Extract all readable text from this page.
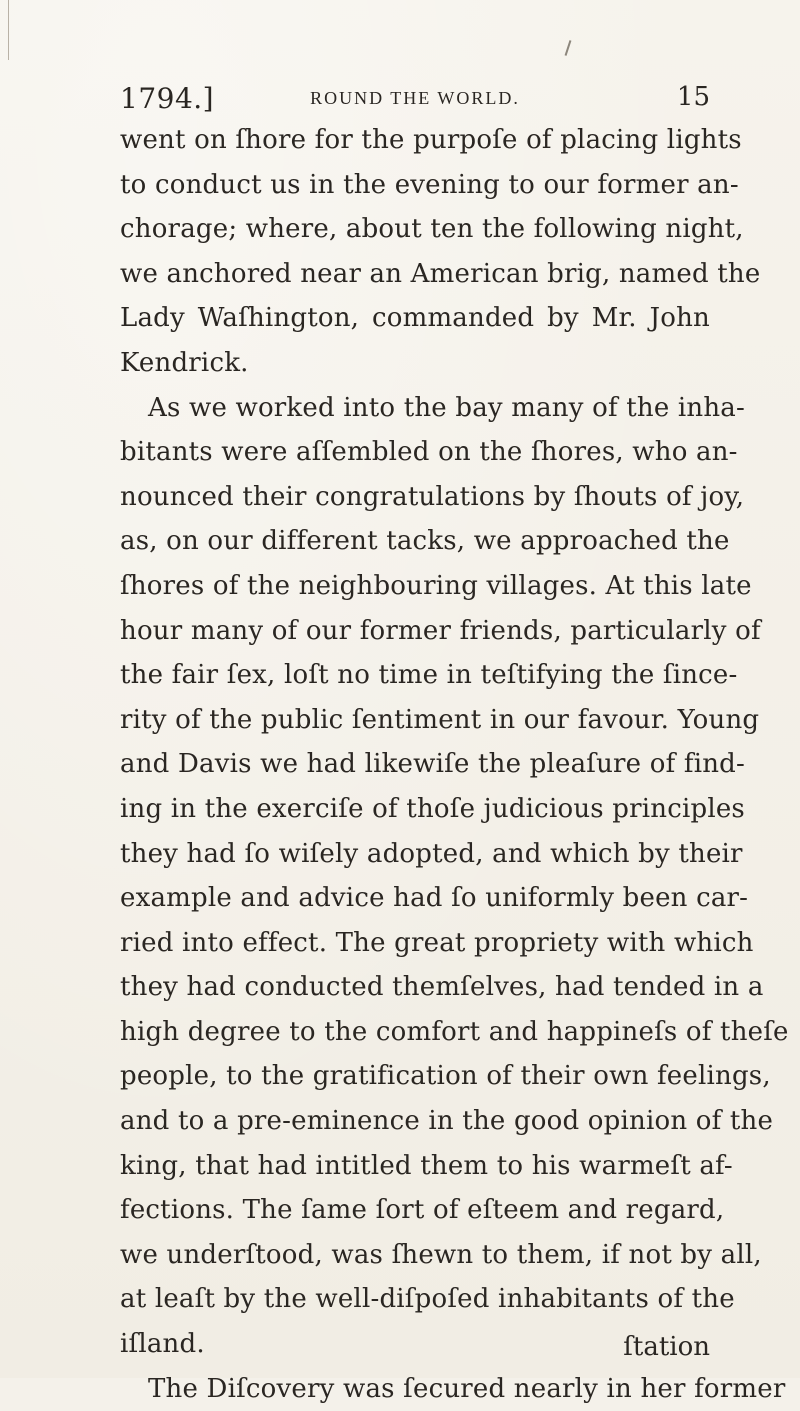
1794.]	ROUND THE WORLD.	15
went on ſhore for the purpoſe of placing lights
to conduct us in the evening to our former an-
chorage; where, about ten the following night,
we anchored near an American brig, named the
Lady Waſhington, commanded by Mr. John
Kendrick.
As we worked into the bay many of the inha-
bitants were aſſembled on the ſhores, who an-
nounced their congratulations by ſhouts of joy,
as, on our different tacks, we approached the
ſhores of the neighbouring villages. At this late
hour many of our former friends, particularly of
the fair ſex, loſt no time in teſtifying the ſince-
rity of the public ſentiment in our favour. Young
and Davis we had likewiſe the pleaſure of find-
ing in the exerciſe of thoſe judicious principles
they had ſo wiſely adopted, and which by their
example and advice had ſo uniformly been car-
ried into effect. The great propriety with which
they had conducted themſelves, had tended in a
high degree to the comfort and happineſs of theſe
people, to the gratification of their own feelings,
and to a pre-eminence in the good opinion of the
king, that had intitled them to his warmeſt af-
fections. The ſame ſort of eſteem and regard,
we underſtood, was ſhewn to them, if not by all,
at leaſt by the well-diſpoſed inhabitants of the
iſland.
The Diſcovery was ſecured nearly in her former
ſtation
